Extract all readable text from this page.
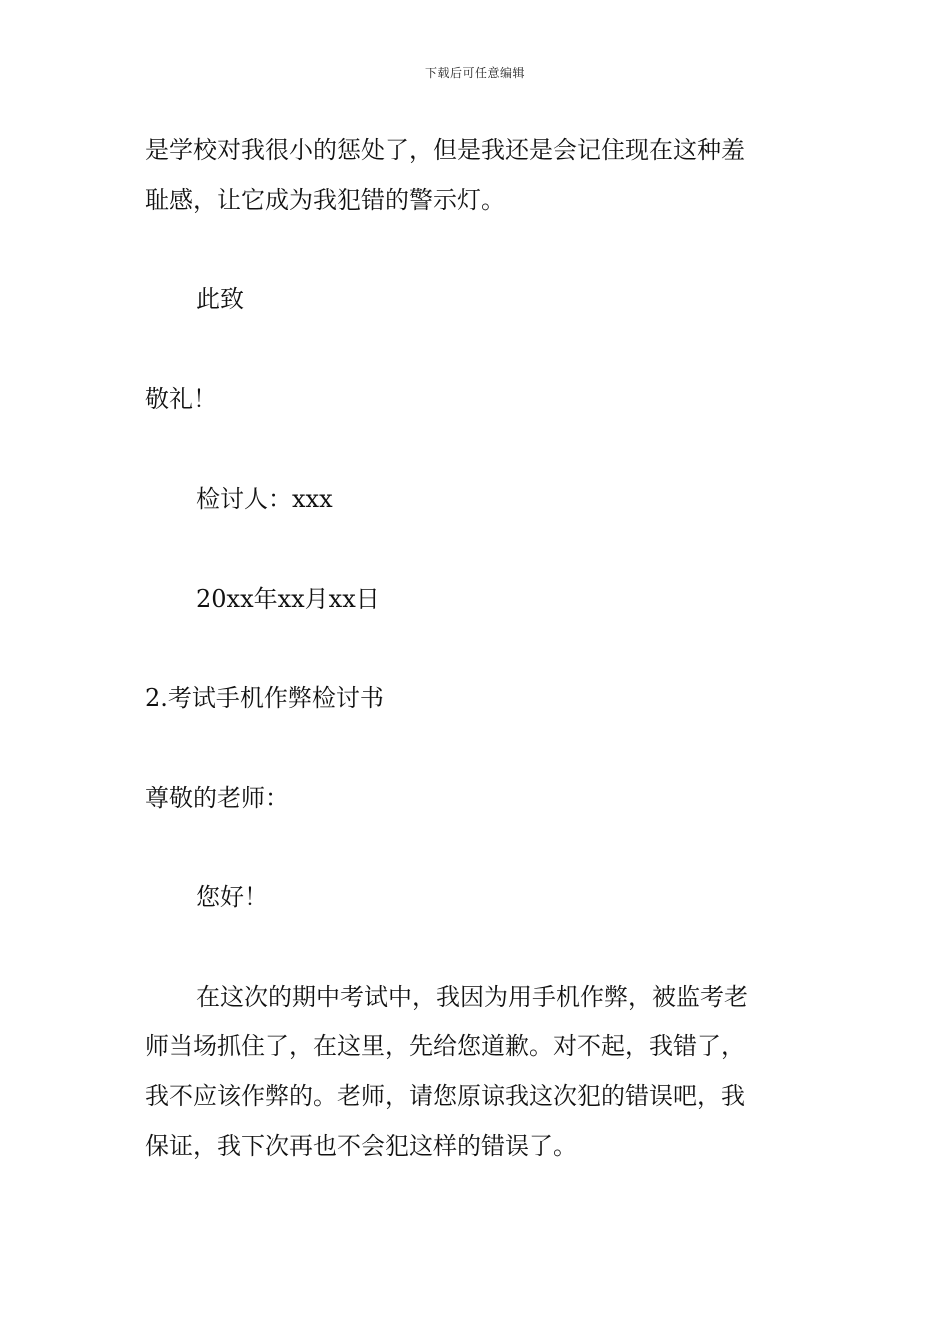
下载后可任意编辑
是学校对我很小的惩处了，但是我还是会记住现在这种羞
耻感，让它成为我犯错的警示灯。
此致
敬礼！
检讨人：xxx
20xx年xx月xx日
2.考试手机作弊检讨书
尊敬的老师：
您好！
在这次的期中考试中，我因为用手机作弊，被监考老
师当场抓住了，在这里，先给您道歉。对不起，我错了，
我不应该作弊的。老师，请您原谅我这次犯的错误吧，我
保证，我下次再也不会犯这样的错误了。
